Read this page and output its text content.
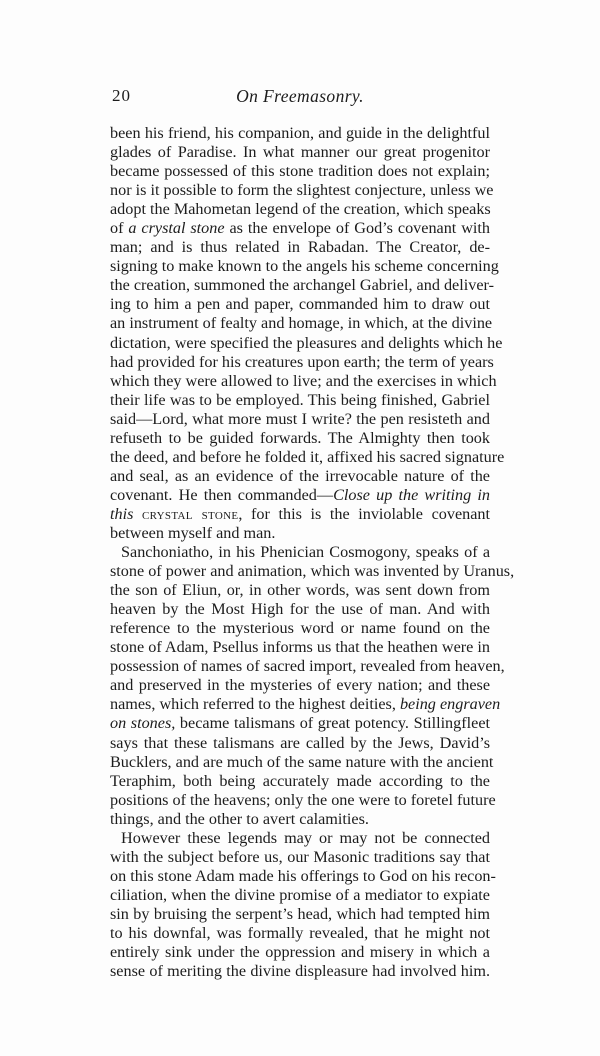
20	On Freemasonry.
been his friend, his companion, and guide in the delightful
glades of Paradise. In what manner our great progenitor
became possessed of this stone tradition does not explain;
nor is it possible to form the slightest conjecture, unless we
adopt the Mahometan legend of the creation, which speaks
of a crystal stone as the envelope of God’s covenant with
man; and is thus related in Rabadan. The Creator, de-
signing to make known to the angels his scheme concerning
the creation, summoned the archangel Gabriel, and deliver-
ing to him a pen and paper, commanded him to draw out
an instrument of fealty and homage, in which, at the divine
dictation, were specified the pleasures and delights which he
had provided for his creatures upon earth; the term of years
which they were allowed to live; and the exercises in which
their life was to be employed. This being finished, Gabriel
said—Lord, what more must I write? the pen resisteth and
refuseth to be guided forwards. The Almighty then took
the deed, and before he folded it, affixed his sacred signature
and seal, as an evidence of the irrevocable nature of the
covenant. He then commanded—Close up the writing in
this crystal stone, for this is the inviolable covenant
between myself and man.
Sanchoniatho, in his Phenician Cosmogony, speaks of a
stone of power and animation, which was invented by Uranus,
the son of Eliun, or, in other words, was sent down from
heaven by the Most High for the use of man. And with
reference to the mysterious word or name found on the
stone of Adam, Psellus informs us that the heathen were in
possession of names of sacred import, revealed from heaven,
and preserved in the mysteries of every nation; and these
names, which referred to the highest deities, being engraven
on stones, became talismans of great potency. Stillingfleet
says that these talismans are called by the Jews, David’s
Bucklers, and are much of the same nature with the ancient
Teraphim, both being accurately made according to the
positions of the heavens; only the one were to foretel future
things, and the other to avert calamities.
However these legends may or may not be connected
with the subject before us, our Masonic traditions say that
on this stone Adam made his offerings to God on his recon-
ciliation, when the divine promise of a mediator to expiate
sin by bruising the serpent’s head, which had tempted him
to his downfal, was formally revealed, that he might not
entirely sink under the oppression and misery in which a
sense of meriting the divine displeasure had involved him.
